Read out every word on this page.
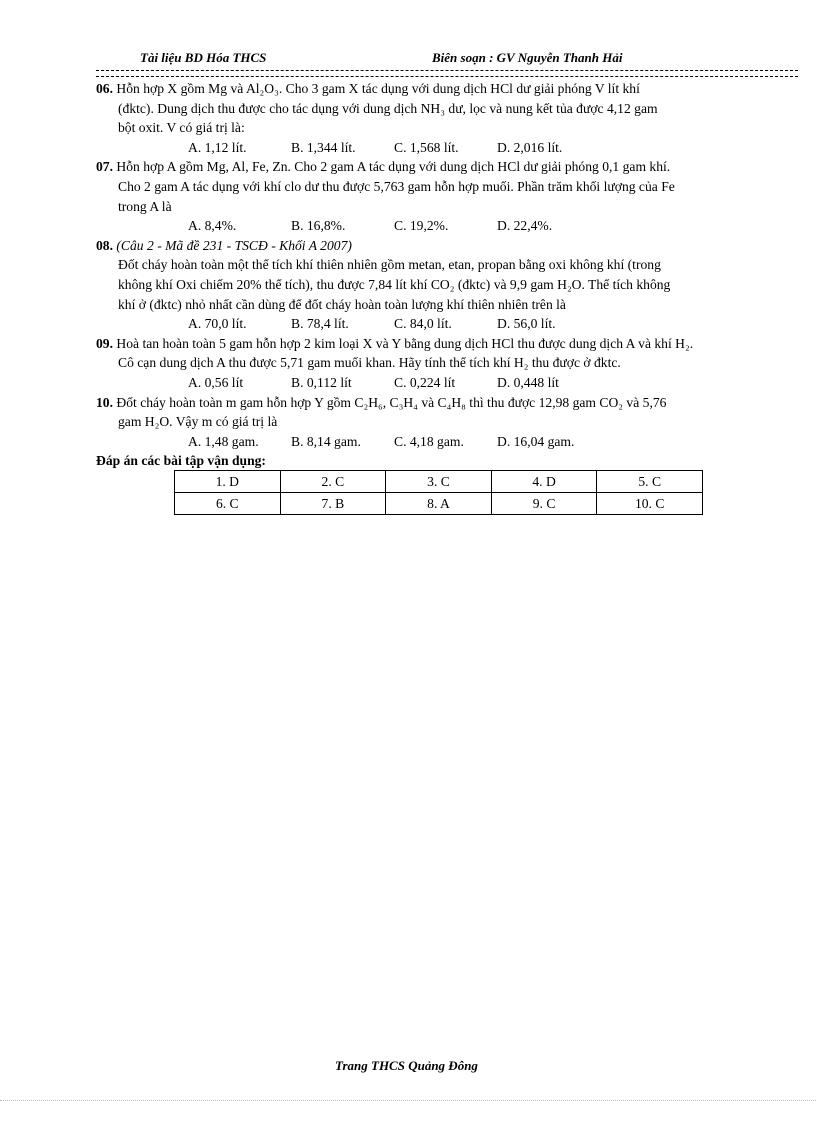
Tài liệu BD Hóa THCS	Biên soạn : GV Nguyễn Thanh Hải
06. Hỗn hợp X gồm Mg và Al₂O₃. Cho 3 gam X tác dụng với dung dịch HCl dư giải phóng V lít khí
(đktc). Dung dịch thu được cho tác dụng với dung dịch NH₃ dư, lọc và nung kết tủa được 4,12 gam
bột oxit. V có giá trị là:
A. 1,12 lít.	B. 1,344 lít.	C. 1,568 lít.	D. 2,016 lít.
07. Hỗn hợp A gồm Mg, Al, Fe, Zn. Cho 2 gam A tác dụng với dung dịch HCl dư giải phóng 0,1 gam khí.
Cho 2 gam A tác dụng với khí clo dư thu được 5,763 gam hỗn hợp muối. Phần trăm khối lượng của Fe
trong A là
A. 8,4%.	B. 16,8%.	C. 19,2%.	D. 22,4%.
08. (Câu 2 - Mã đề 231 - TSCĐ - Khối A 2007)
Đốt cháy hoàn toàn một thể tích khí thiên nhiên gồm metan, etan, propan bằng oxi không khí (trong
không khí Oxi chiếm 20% thể tích), thu được 7,84 lít khí CO₂ (đktc) và 9,9 gam H₂O. Thể tích không
khí ở (đktc) nhỏ nhất cần dùng để đốt cháy hoàn toàn lượng khí thiên nhiên trên là
A. 70,0 lít.	B. 78,4 lít.	C. 84,0 lít.	D. 56,0 lít.
09. Hoà tan hoàn toàn 5 gam hỗn hợp 2 kim loại X và Y bằng dung dịch HCl thu được dung dịch A và khí H₂.
Cô cạn dung dịch A thu được 5,71 gam muối khan. Hãy tính thể tích khí H₂ thu được ở đktc.
A. 0,56 lít	B. 0,112 lít	C. 0,224 lít	D. 0,448 lít
10. Đốt cháy hoàn toàn m gam hỗn hợp Y gồm C₂H₆, C₃H₄ và C₄H₈ thì thu được 12,98 gam CO₂ và 5,76
gam H₂O. Vậy m có giá trị là
A. 1,48 gam.	B. 8,14 gam.	C. 4,18 gam.	D. 16,04 gam.
Đáp án các bài tập vận dụng:
1. D	2. C	3. C	4. D	5. C
6. C	7. B	8. A	9. C	10. C
Trang THCS Quảng Đông
